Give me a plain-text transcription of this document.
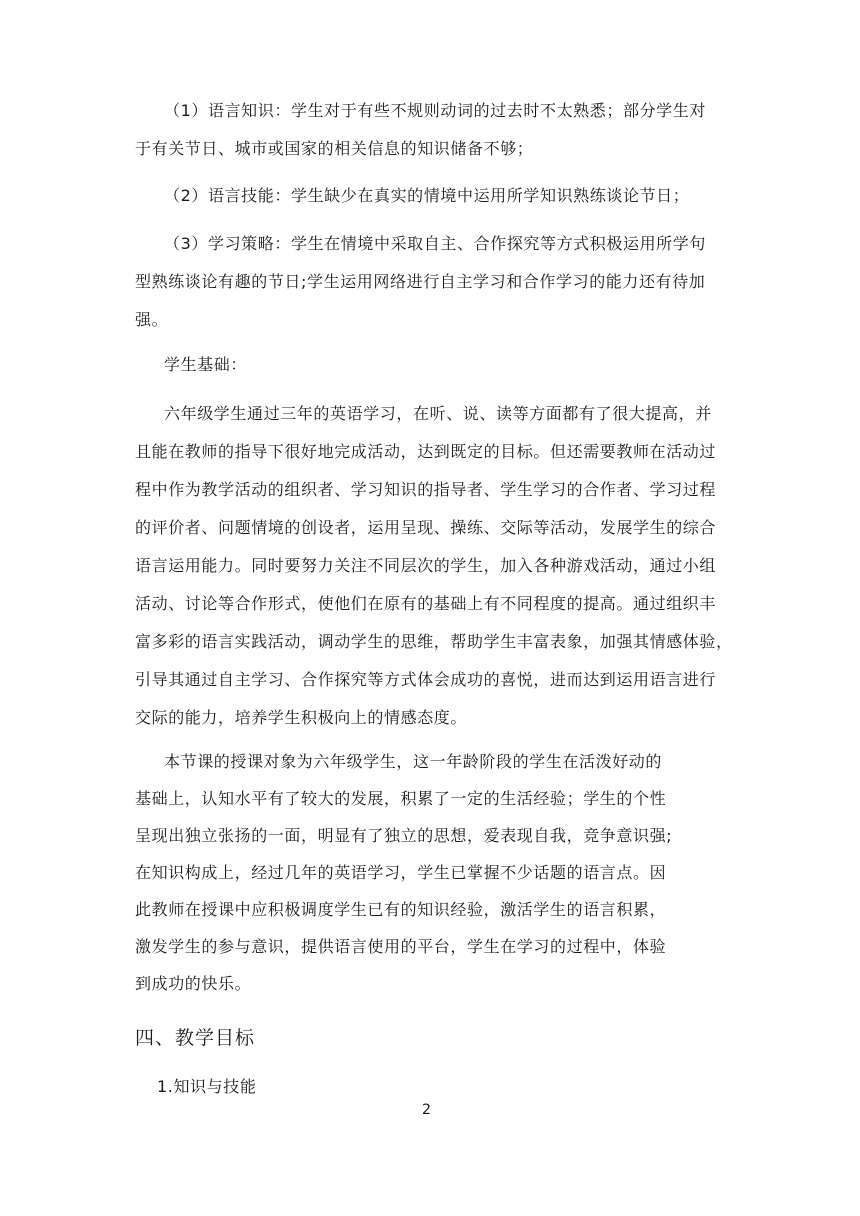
（1）语言知识：学生对于有些不规则动词的过去时不太熟悉；部分学生对
于有关节日、城市或国家的相关信息的知识储备不够；
（2）语言技能：学生缺少在真实的情境中运用所学知识熟练谈论节日；
（3）学习策略：学生在情境中采取自主、合作探究等方式积极运用所学句
型熟练谈论有趣的节日;学生运用网络进行自主学习和合作学习的能力还有待加
强。
学生基础：
六年级学生通过三年的英语学习，在听、说、读等方面都有了很大提高，并
且能在教师的指导下很好地完成活动，达到既定的目标。但还需要教师在活动过
程中作为教学活动的组织者、学习知识的指导者、学生学习的合作者、学习过程
的评价者、问题情境的创设者，运用呈现、操练、交际等活动，发展学生的综合
语言运用能力。同时要努力关注不同层次的学生，加入各种游戏活动，通过小组
活动、讨论等合作形式，使他们在原有的基础上有不同程度的提高。通过组织丰
富多彩的语言实践活动，调动学生的思维，帮助学生丰富表象，加强其情感体验，
引导其通过自主学习、合作探究等方式体会成功的喜悦，进而达到运用语言进行
交际的能力，培养学生积极向上的情感态度。
本节课的授课对象为六年级学生，这一年龄阶段的学生在活泼好动的
基础上，认知水平有了较大的发展，积累了一定的生活经验；学生的个性
呈现出独立张扬的一面，明显有了独立的思想，爱表现自我，竞争意识强;
在知识构成上，经过几年的英语学习，学生已掌握不少话题的语言点。因
此教师在授课中应积极调度学生已有的知识经验，激活学生的语言积累，
激发学生的参与意识，提供语言使用的平台，学生在学习的过程中，体验
到成功的快乐。
四、教学目标
1.知识与技能
2
